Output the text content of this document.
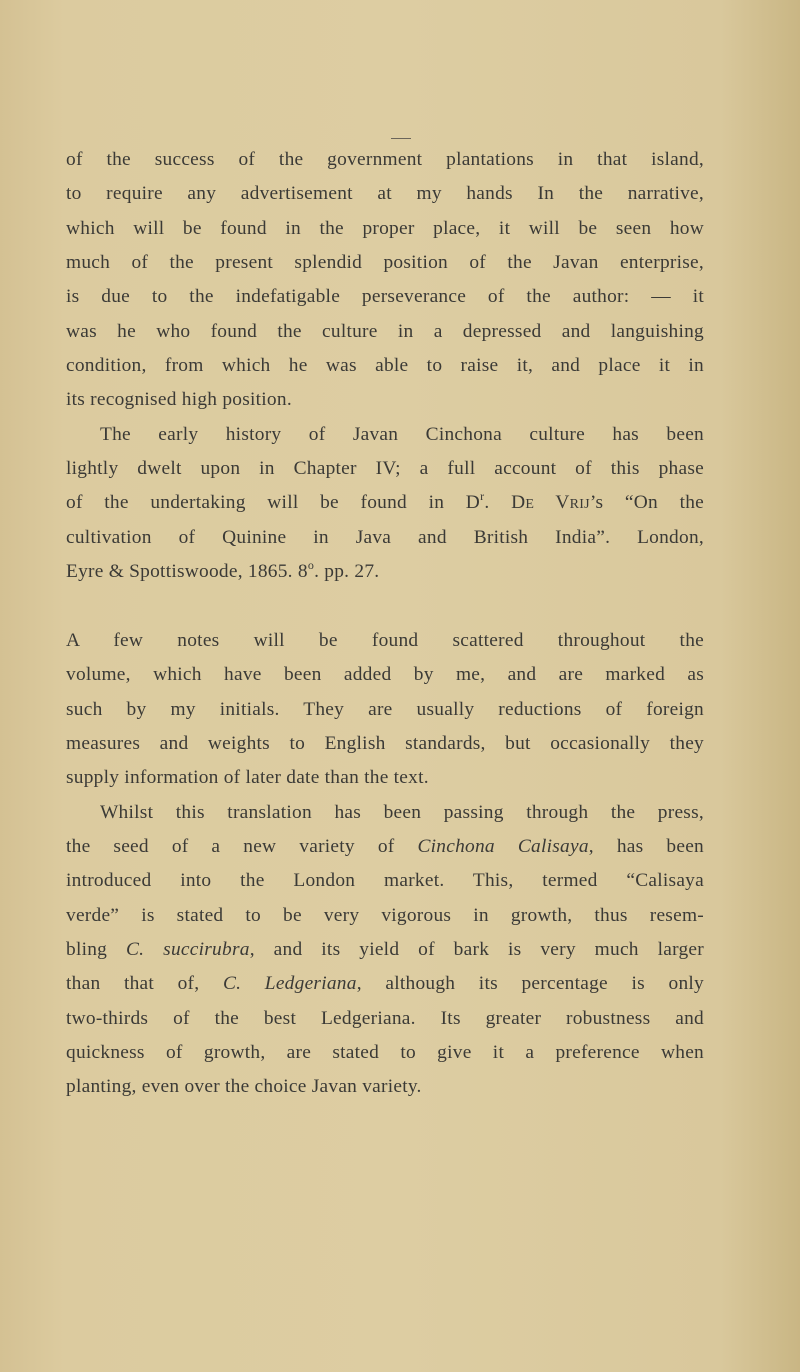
of the success of the government plantations in that island,
to require any advertisement at my hands In the narrative,
which will be found in the proper place, it will be seen how
much of the present splendid position of the Javan enterprise,
is due to the indefatigable perseverance of the author: — it
was he who found the culture in a depressed and languishing
condition, from which he was able to raise it, and place it in
its recognised high position.
The early history of Javan Cinchona culture has been
lightly dwelt upon in Chapter IV; a full account of this phase
of the undertaking will be found in $D^r$. De Vrij’s “On the
cultivation of Quinine in Java and British India”. London,
Eyre & Spottiswoode, 1865. 8$^o$. pp. 27.
A few notes will be found scattered throughout the
volume, which have been added by me, and are marked as
such by my initials. They are usually reductions of foreign
measures and weights to English standards, but occasionally they
supply information of later date than the text.
Whilst this translation has been passing through the press,
the seed of a new variety of Cinchona Calisaya, has been
introduced into the London market. This, termed “Calisaya
verde” is stated to be very vigorous in growth, thus resem-
bling C. succirubra, and its yield of bark is very much larger
than that of, C. Ledgeriana, although its percentage is only
two-thirds of the best Ledgeriana. Its greater robustness and
quickness of growth, are stated to give it a preference when
planting, even over the choice Javan variety.
